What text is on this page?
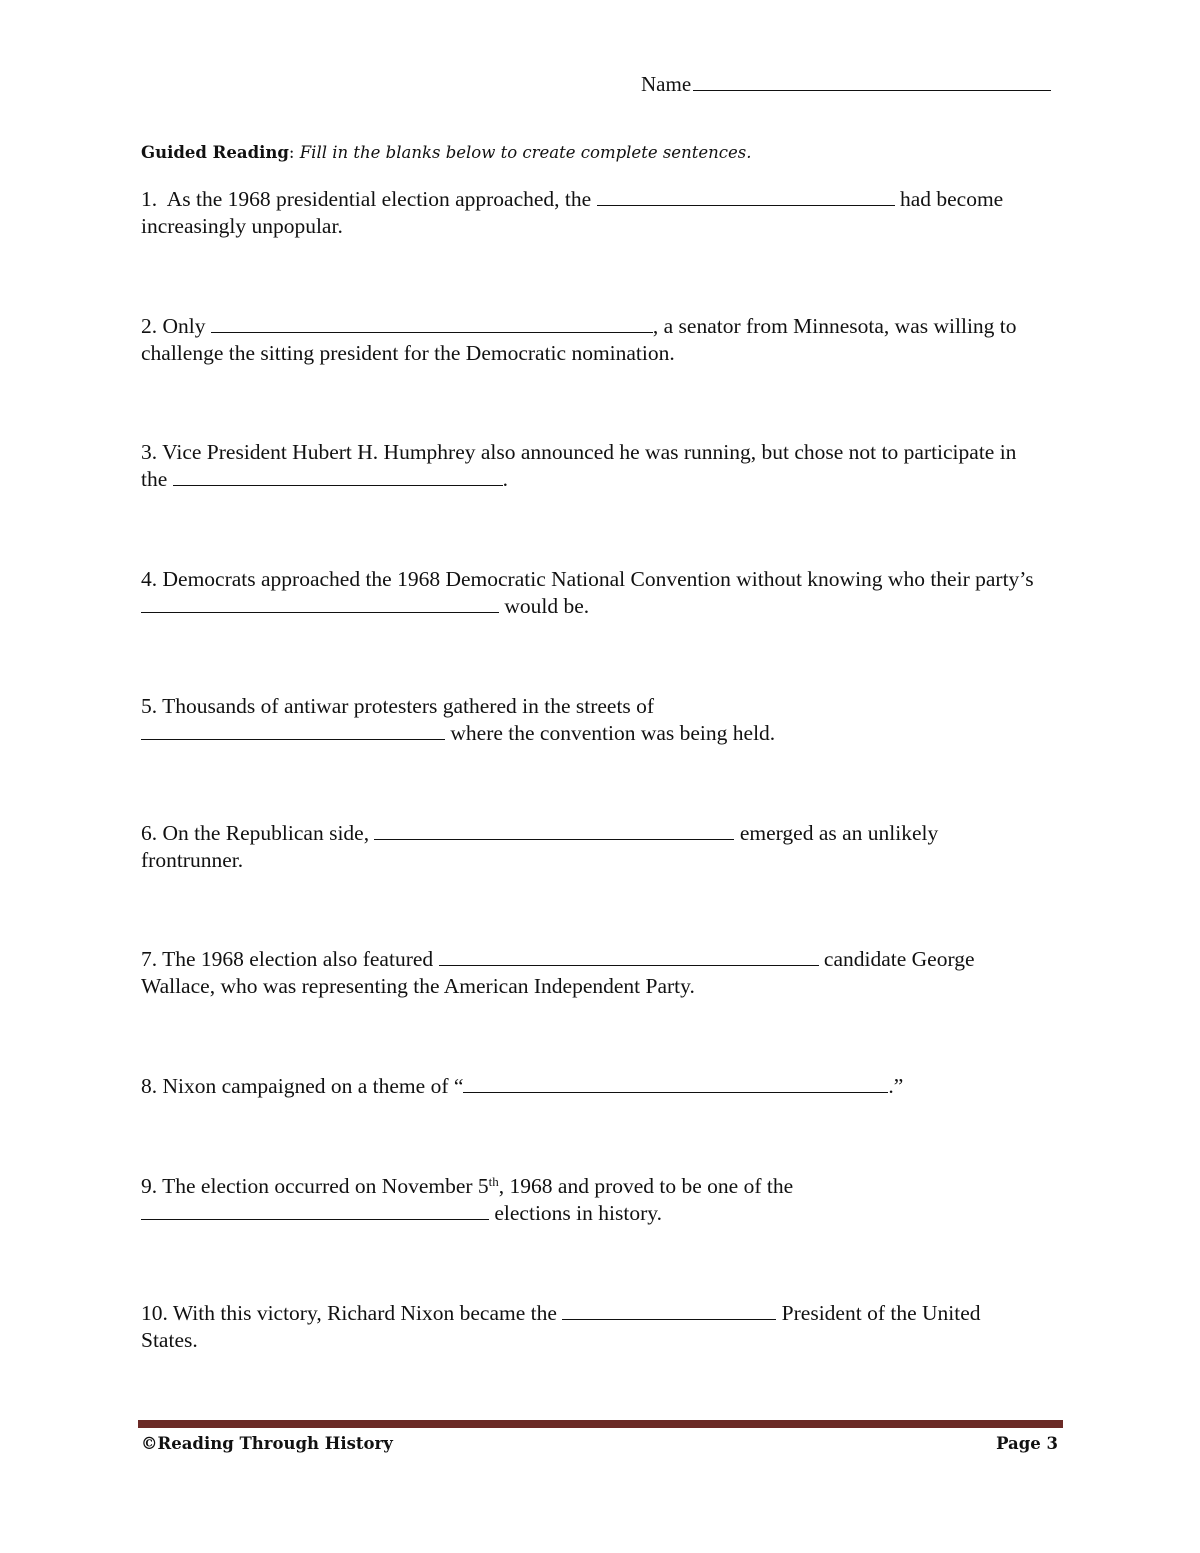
Name
Guided Reading: Fill in the blanks below to create complete sentences.
1. As the 1968 presidential election approached, the	had become increasingly unpopular.
2. Only	, a senator from Minnesota, was willing to challenge the sitting president for the Democratic nomination.
3. Vice President Hubert H. Humphrey also announced he was running, but chose not to participate in the	.
4. Democrats approached the 1968 Democratic National Convention without knowing who their party’s  would be.
5. Thousands of antiwar protesters gathered in the streets of
where the convention was being held.
6. On the Republican side,	emerged as an unlikely frontrunner.
7. The 1968 election also featured	candidate George Wallace, who was representing the American Independent Party.
8. Nixon campaigned on a theme of “	.”
9. The election occurred on November 5th, 1968 and proved to be one of the
elections in history.
10. With this victory, Richard Nixon became the	President of the United States.
©Reading Through History	Page 3
